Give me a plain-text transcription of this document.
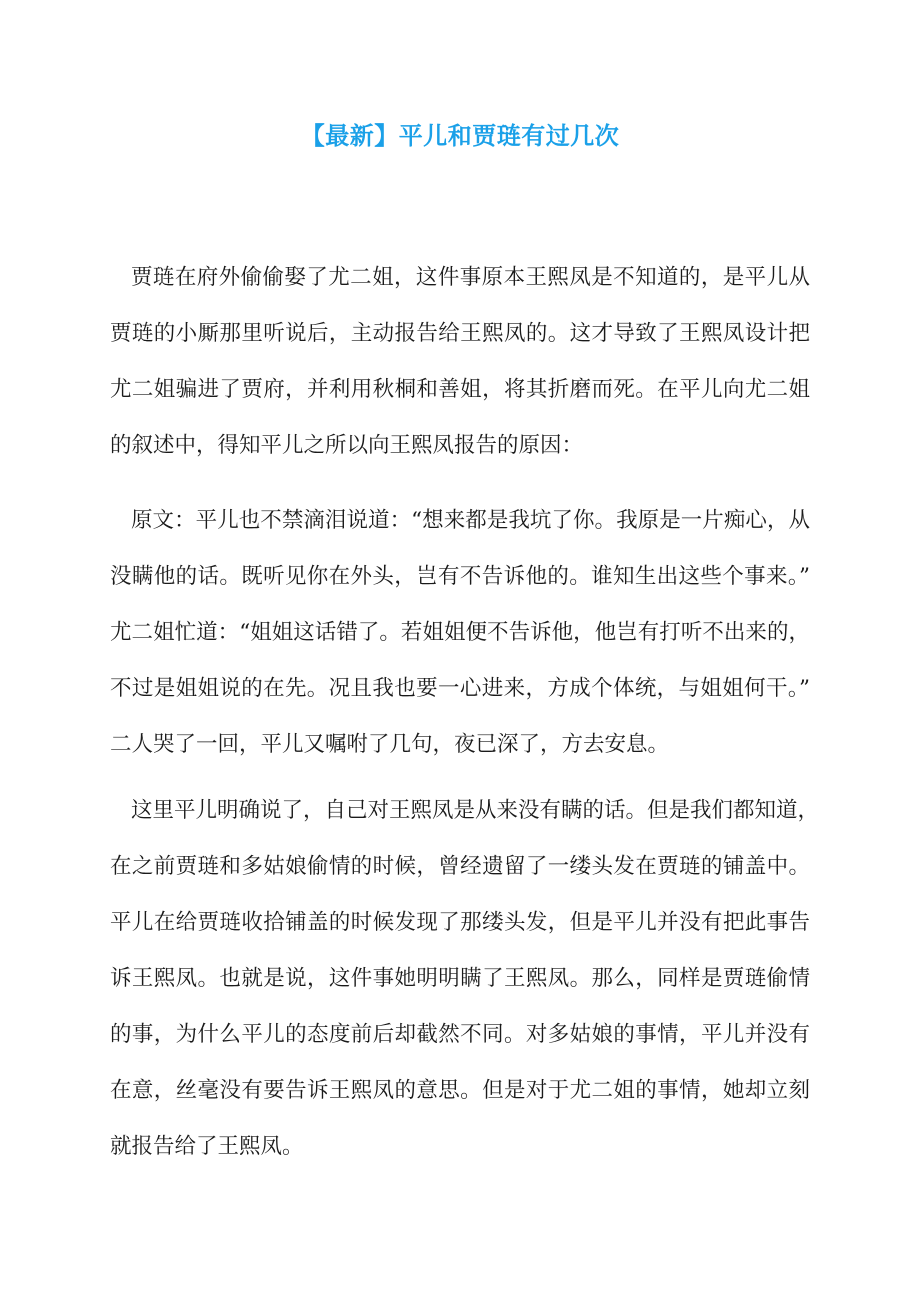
【最新】平儿和贾琏有过几次
贾琏在府外偷偷娶了尤二姐，这件事原本王熙凤是不知道的，是平儿从
贾琏的小厮那里听说后，主动报告给王熙凤的。这才导致了王熙凤设计把
尤二姐骗进了贾府，并利用秋桐和善姐，将其折磨而死。在平儿向尤二姐
的叙述中，得知平儿之所以向王熙凤报告的原因：
原文：平儿也不禁滴泪说道：“想来都是我坑了你。我原是一片痴心，从
没瞒他的话。既听见你在外头，岂有不告诉他的。谁知生出这些个事来。”
尤二姐忙道：“姐姐这话错了。若姐姐便不告诉他，他岂有打听不出来的，
不过是姐姐说的在先。况且我也要一心进来，方成个体统，与姐姐何干。”
二人哭了一回，平儿又嘱咐了几句，夜已深了，方去安息。
这里平儿明确说了，自己对王熙凤是从来没有瞒的话。但是我们都知道，
在之前贾琏和多姑娘偷情的时候，曾经遗留了一缕头发在贾琏的铺盖中。
平儿在给贾琏收拾铺盖的时候发现了那缕头发，但是平儿并没有把此事告
诉王熙凤。也就是说，这件事她明明瞒了王熙凤。那么，同样是贾琏偷情
的事，为什么平儿的态度前后却截然不同。对多姑娘的事情，平儿并没有
在意，丝毫没有要告诉王熙凤的意思。但是对于尤二姐的事情，她却立刻
就报告给了王熙凤。
